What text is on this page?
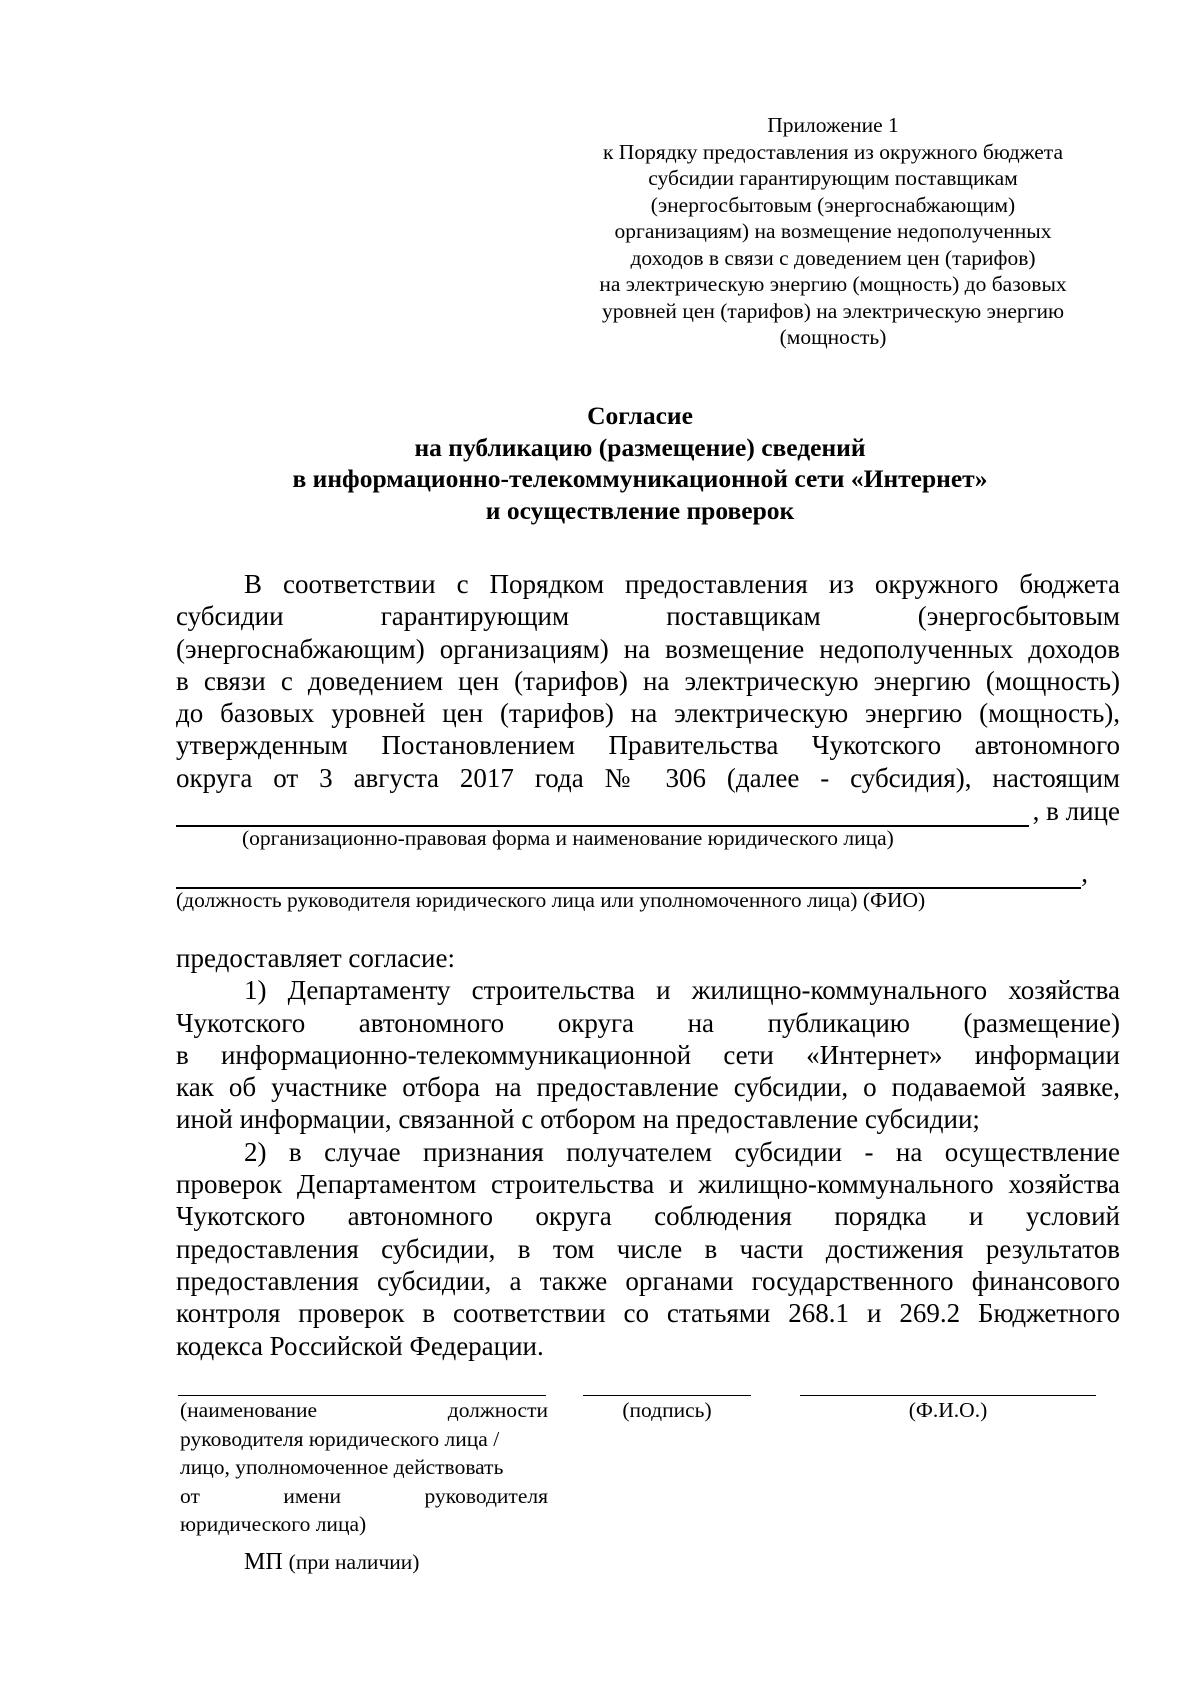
Приложение 1
к Порядку предоставления из окружного бюджета
субсидии гарантирующим поставщикам
(энергосбытовым (энергоснабжающим)
организациям) на возмещение недополученных
доходов в связи с доведением цен (тарифов)
на электрическую энергию (мощность) до базовых
уровней цен (тарифов) на электрическую энергию
(мощность)
Согласие
на публикацию (размещение) сведений
в информационно-телекоммуникационной сети «Интернет»
и осуществление проверок
В соответствии с Порядком предоставления из окружного бюджета
субсидии гарантирующим поставщикам (энергосбытовым
(энергоснабжающим) организациям) на возмещение недополученных доходов
в связи с доведением цен (тарифов) на электрическую энергию (мощность)
до базовых уровней цен (тарифов) на электрическую энергию (мощность),
утвержденным Постановлением Правительства Чукотского автономного
округа от 3 августа 2017 года № 306 (далее - субсидия), настоящим
, в лице
(организационно-правовая форма и наименование юридического лица)
,
(должность руководителя юридического лица или уполномоченного лица) (ФИО)
предоставляет согласие:
1) Департаменту строительства и жилищно-коммунального хозяйства
Чукотского автономного округа на публикацию (размещение)
в информационно-телекоммуникационной сети «Интернет» информации
как об участнике отбора на предоставление субсидии, о подаваемой заявке,
иной информации, связанной с отбором на предоставление субсидии;
2) в случае признания получателем субсидии - на осуществление
проверок Департаментом строительства и жилищно-коммунального хозяйства
Чукотского автономного округа соблюдения порядка и условий
предоставления субсидии, в том числе в части достижения результатов
предоставления субсидии, а также органами государственного финансового
контроля проверок в соответствии со статьями 268.1 и 269.2 Бюджетного
кодекса Российской Федерации.
(наименование должности
руководителя юридического лица /
лицо, уполномоченное действовать
от имени руководителя
юридического лица)
(подпись)	(Ф.И.О.)
МП (при наличии)
